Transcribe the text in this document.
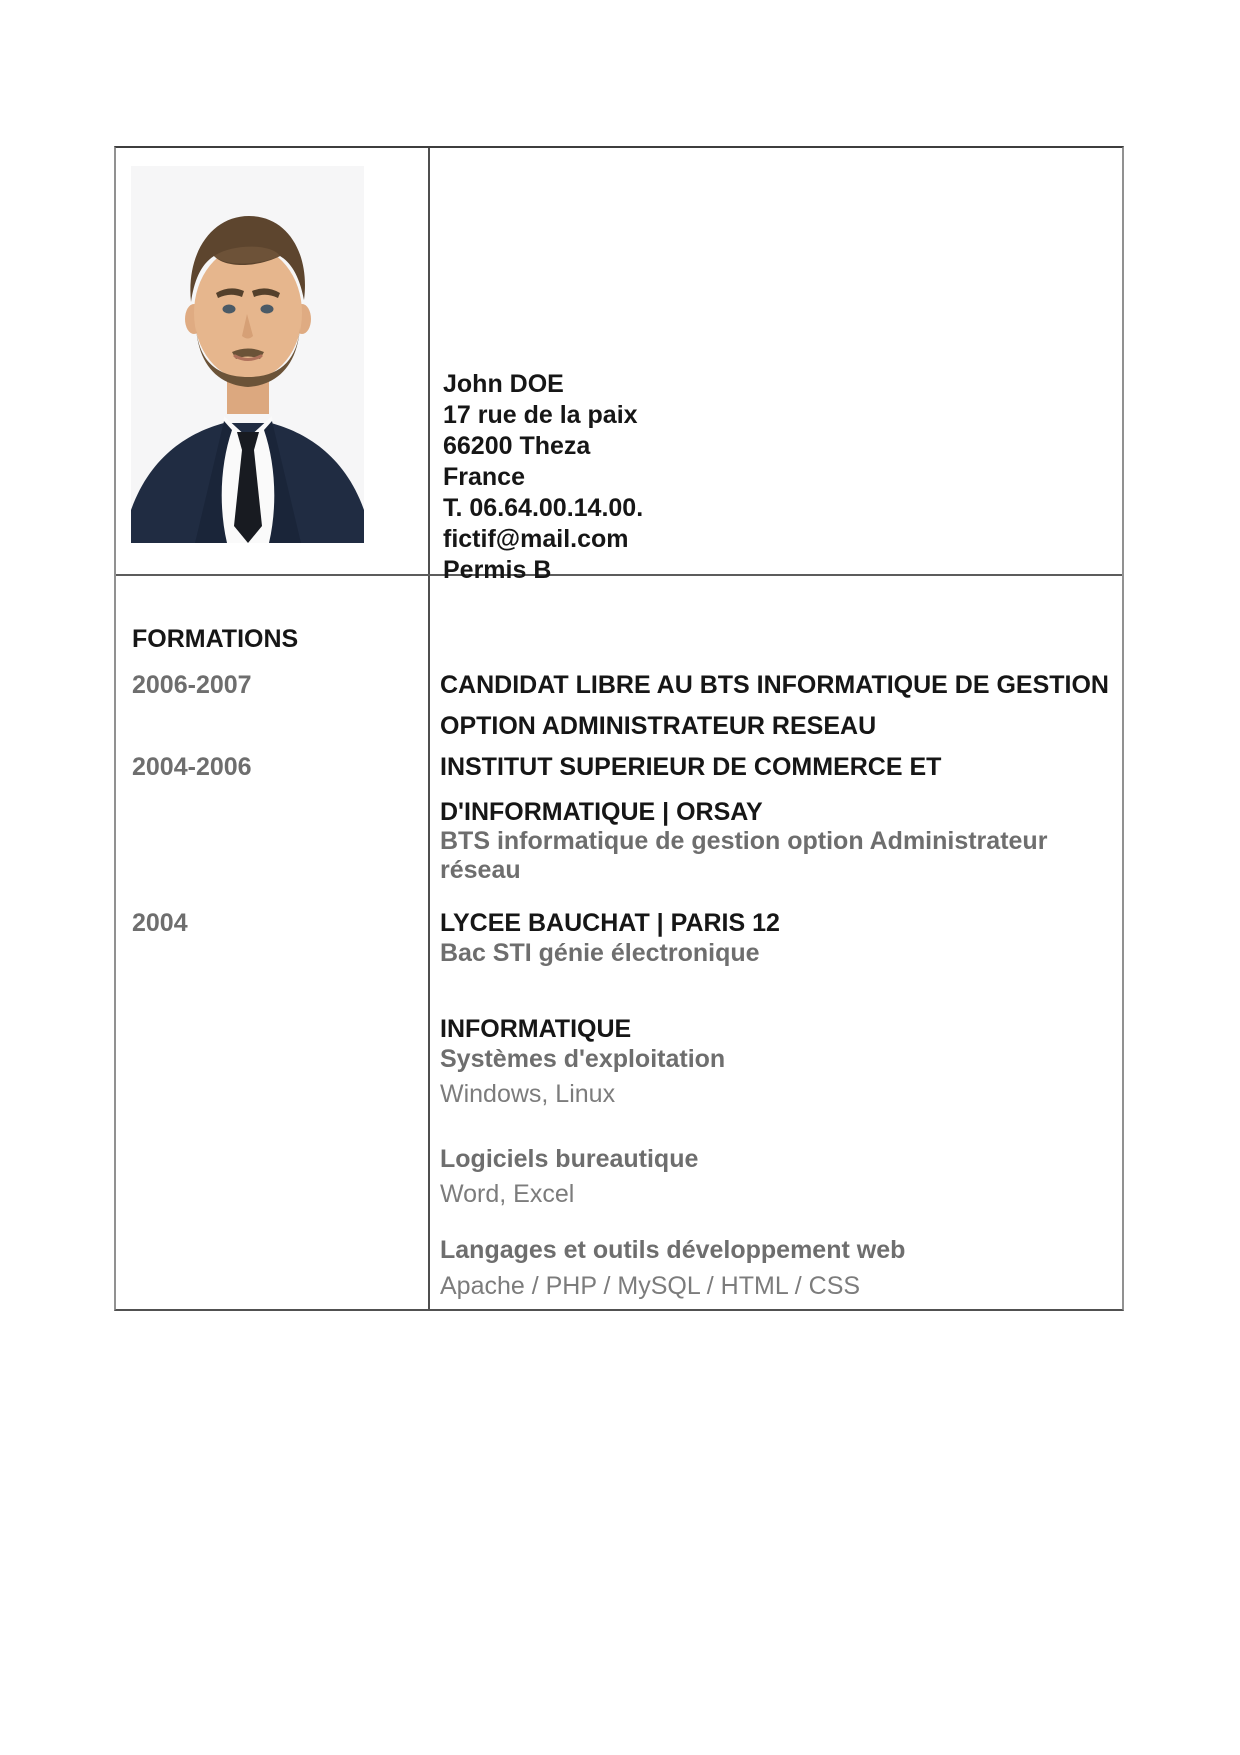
John DOE
17 rue de la paix
66200 Theza
France
T. 06.64.00.14.00.
fictif@mail.com
Permis B
FORMATIONS
2006-2007
2004-2006
2004
CANDIDAT LIBRE AU BTS INFORMATIQUE DE GESTION
OPTION ADMINISTRATEUR RESEAU
INSTITUT SUPERIEUR DE COMMERCE ET
D'INFORMATIQUE | ORSAY
BTS informatique de gestion option Administrateur
réseau
LYCEE BAUCHAT | PARIS 12
Bac STI génie électronique
INFORMATIQUE
Systèmes d'exploitation
Windows, Linux
Logiciels bureautique
Word, Excel
Langages et outils développement web
Apache / PHP / MySQL / HTML / CSS
